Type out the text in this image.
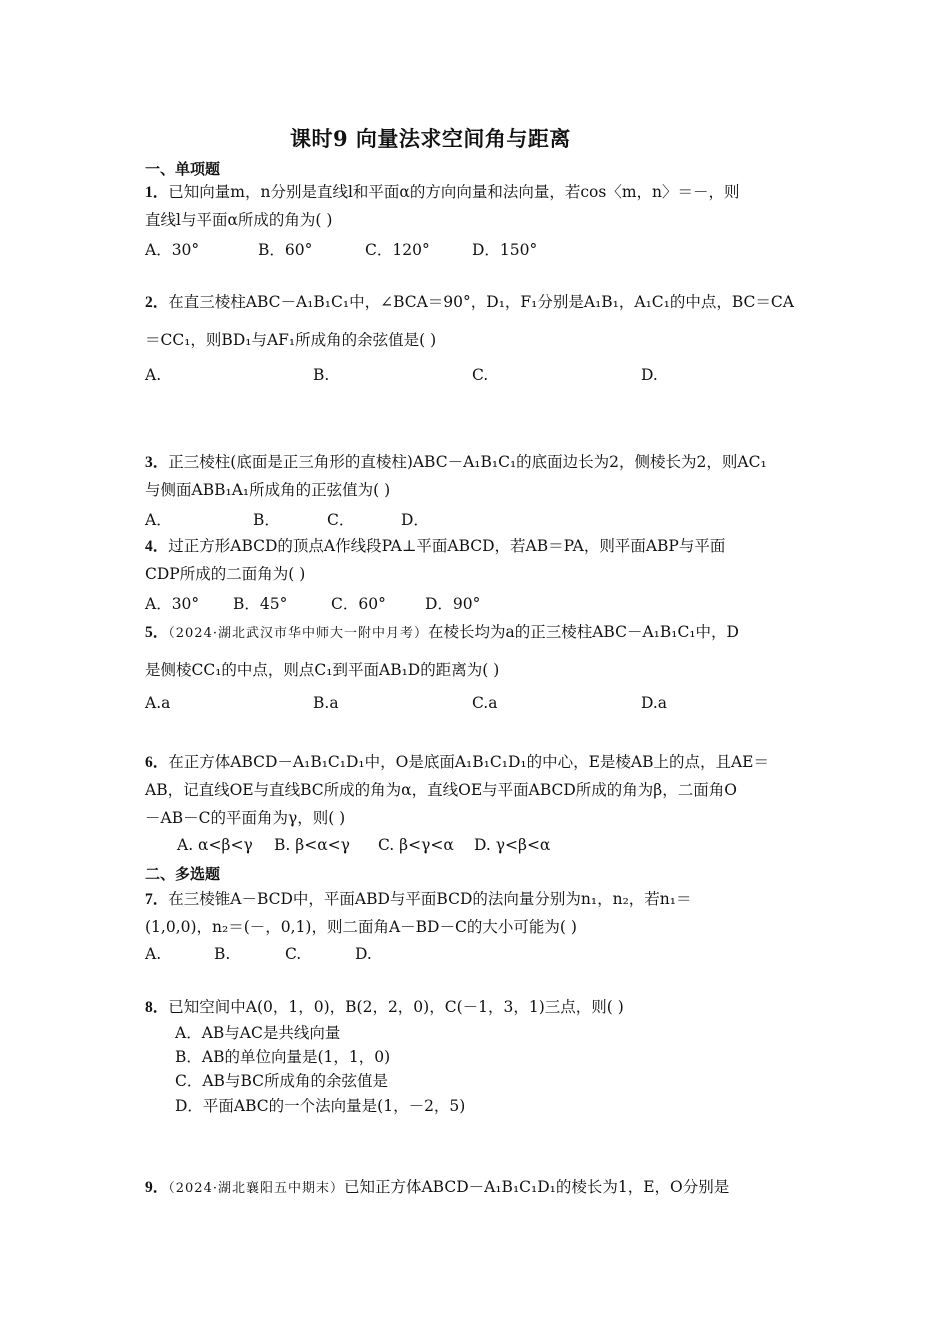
课时9 向量法求空间角与距离
一、单项题
1．已知向量m，n分别是直线l和平面α的方向向量和法向量，若cos〈m，n〉＝－，则
直线l与平面α所成的角为( )
A．30°	B．60°	C．120°	D．150°
2．在直三棱柱ABC－A₁B₁C₁中，∠BCA＝90°，D₁，F₁分别是A₁B₁，A₁C₁的中点，BC＝CA
＝CC₁，则BD₁与AF₁所成角的余弦值是( )
A.	B.	C.	D.
3．正三棱柱(底面是正三角形的直棱柱)ABC－A₁B₁C₁的底面边长为2，侧棱长为2，则AC₁
与侧面ABB₁A₁所成角的正弦值为( )
A．	B．	C．	D．
4．过正方形ABCD的顶点A作线段PA⊥平面ABCD，若AB＝PA，则平面ABP与平面
CDP所成的二面角为( )
A．30° B．45°	C．60°	D．90°
5．（2024·湖北武汉市华中师大一附中月考）在棱长均为a的正三棱柱ABC－A₁B₁C₁中，D
是侧棱CC₁的中点，则点C₁到平面AB₁D的距离为( )
A.a	B.a	C.a	D.a
6．在正方体ABCD－A₁B₁C₁D₁中，O是底面A₁B₁C₁D₁的中心，E是棱AB上的点，且AE＝
AB，记直线OE与直线BC所成的角为α，直线OE与平面ABCD所成的角为β，二面角O
－AB－C的平面角为γ，则( )
A. α<β<γ B. β<α<γ C. β<γ<α D. γ<β<α
二、多选题
7．在三棱锥A－BCD中，平面ABD与平面BCD的法向量分别为n₁，n₂，若n₁＝
(1,0,0)，n₂＝(－，0,1)，则二面角A－BD－C的大小可能为( )
A.	B.	C.	D.
8．已知空间中A(0，1，0)，B(2，2，0)，C(－1，3，1)三点，则( )
A．AB与AC是共线向量
B．AB的单位向量是(1，1，0)
C．AB与BC所成角的余弦值是
D．平面ABC的一个法向量是(1，－2，5)
9．（2024·湖北襄阳五中期末）已知正方体ABCD－A₁B₁C₁D₁的棱长为1，E，O分别是
